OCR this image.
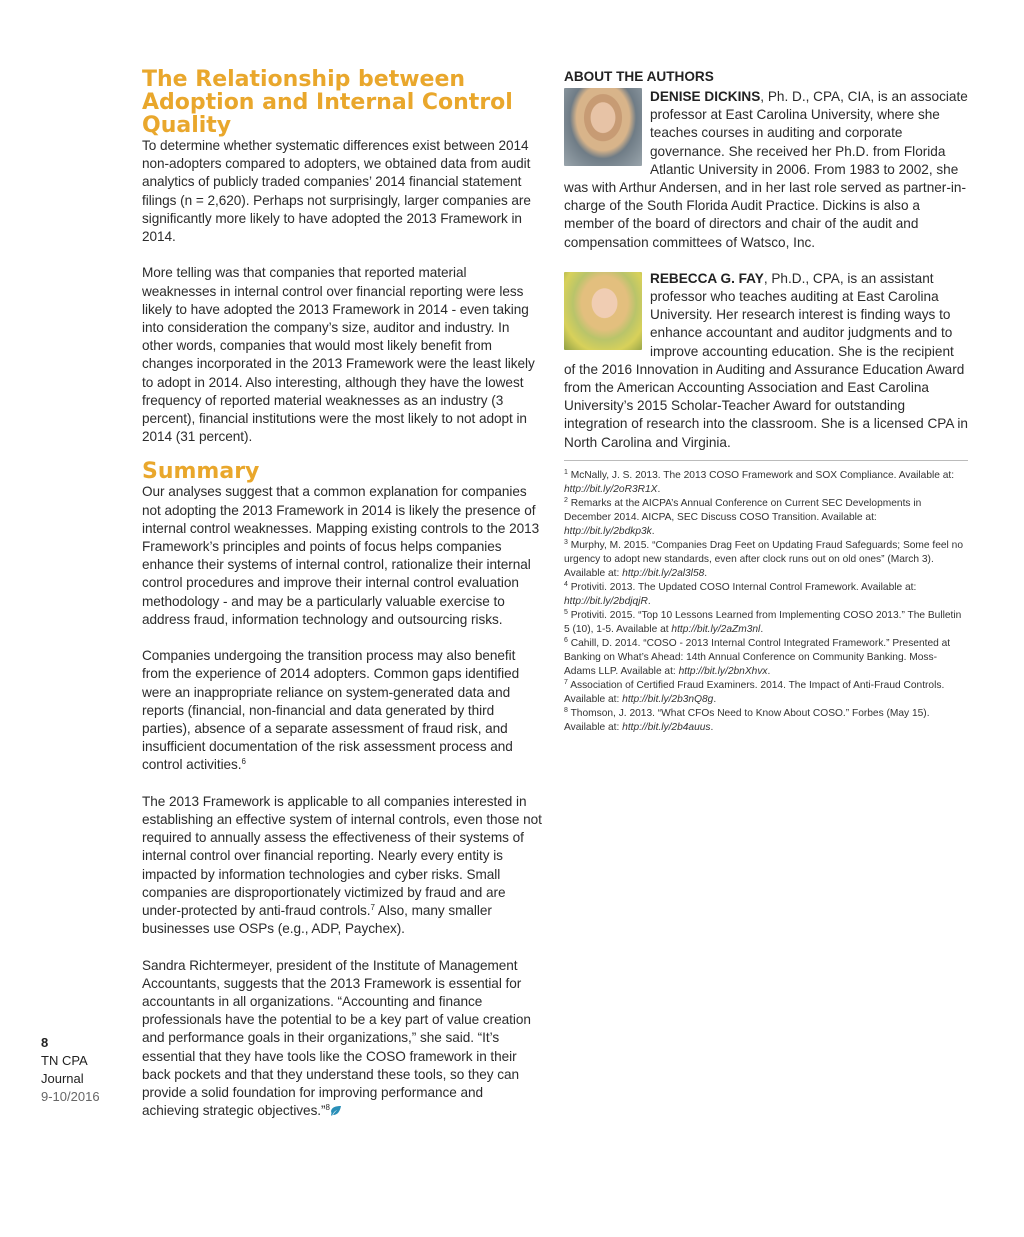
8
TN CPA
Journal
9-10/2016
The Relationship between Adoption and Internal Control Quality

To determine whether systematic differences exist between 2014 non-adopters compared to adopters, we obtained data from audit analytics of publicly traded companies’ 2014 financial statement filings (n = 2,620). Perhaps not surprisingly, larger companies are significantly more likely to have adopted the 2013 Framework in 2014.

More telling was that companies that reported material weaknesses in internal control over financial reporting were less likely to have adopted the 2013 Framework in 2014 - even taking into consideration the company’s size, auditor and industry. In other words, companies that would most likely benefit from changes incorporated in the 2013 Framework were the least likely to adopt in 2014. Also interesting, although they have the lowest frequency of reported material weaknesses as an industry (3 percent), financial institutions were the most likely to not adopt in 2014 (31 percent).

Summary

Our analyses suggest that a common explanation for companies not adopting the 2013 Framework in 2014 is likely the presence of internal control weaknesses. Mapping existing controls to the 2013 Framework’s principles and points of focus helps companies enhance their systems of internal control, rationalize their internal control procedures and improve their internal control evaluation methodology - and may be a particularly valuable exercise to address fraud, information technology and outsourcing risks.

Companies undergoing the transition process may also benefit from the experience of 2014 adopters. Common gaps identified were an inappropriate reliance on system-generated data and reports (financial, non-financial and data generated by third parties), absence of a separate assessment of fraud risk, and insufficient documentation of the risk assessment process and control activities.$^6$

The 2013 Framework is applicable to all companies interested in establishing an effective system of internal controls, even those not required to annually assess the effectiveness of their systems of internal control over financial reporting. Nearly every entity is impacted by information technologies and cyber risks. Small companies are disproportionately victimized by fraud and are under-protected by anti-fraud controls.$^7$ Also, many smaller businesses use OSPs (e.g., ADP, Paychex).

Sandra Richtermeyer, president of the Institute of Management Accountants, suggests that the 2013 Framework is essential for accountants in all organizations. “Accounting and finance professionals have the potential to be a key part of value creation and performance goals in their organizations,” she said. “It’s essential that they have tools like the COSO framework in their back pockets and that they understand these tools, so they can provide a solid foundation for improving performance and achieving strategic objectives.”$^8$

ABOUT THE AUTHORS

DENISE DICKINS, Ph. D., CPA, CIA, is an associate professor at East Carolina University, where she teaches courses in auditing and corporate governance. She received her Ph.D. from Florida Atlantic University in 2006. From 1983 to 2002, she was with Arthur Andersen, and in her last role served as partner-in-charge of the South Florida Audit Practice. Dickins is also a member of the board of directors and chair of the audit and compensation committees of Watsco, Inc.

REBECCA G. FAY, Ph.D., CPA, is an assistant professor who teaches auditing at East Carolina University. Her research interest is finding ways to enhance accountant and auditor judgments and to improve accounting education. She is the recipient of the 2016 Innovation in Auditing and Assurance Education Award from the American Accounting Association and East Carolina University’s 2015 Scholar-Teacher Award for outstanding integration of research into the classroom. She is a licensed CPA in North Carolina and Virginia.

$^1$ McNally, J. S. 2013. The 2013 COSO Framework and SOX Compliance. Available at: http://bit.ly/2oR3R1X.

$^2$ Remarks at the AICPA’s Annual Conference on Current SEC Developments in December 2014. AICPA, SEC Discuss COSO Transition. Available at: http://bit.ly/2bdkp3k.

$^3$ Murphy, M. 2015. “Companies Drag Feet on Updating Fraud Safeguards; Some feel no urgency to adopt new standards, even after clock runs out on old ones” (March 3). Available at: http://bit.ly/2al3l58.

$^4$ Protiviti. 2013. The Updated COSO Internal Control Framework. Available at: http://bit.ly/2bdjqjR.

$^5$ Protiviti. 2015. “Top 10 Lessons Learned from Implementing COSO 2013.” The Bulletin 5 (10), 1-5. Available at http://bit.ly/2aZm3nl.

$^6$ Cahill, D. 2014. “COSO - 2013 Internal Control Integrated Framework.” Presented at Banking on What’s Ahead: 14th Annual Conference on Community Banking. Moss-Adams LLP. Available at: http://bit.ly/2bnXhvx.

$^7$ Association of Certified Fraud Examiners. 2014. The Impact of Anti-Fraud Controls. Available at: http://bit.ly/2b3nQ8g.

$^8$ Thomson, J. 2013. “What CFOs Need to Know About COSO.” Forbes (May 15). Available at: http://bit.ly/2b4auus.
